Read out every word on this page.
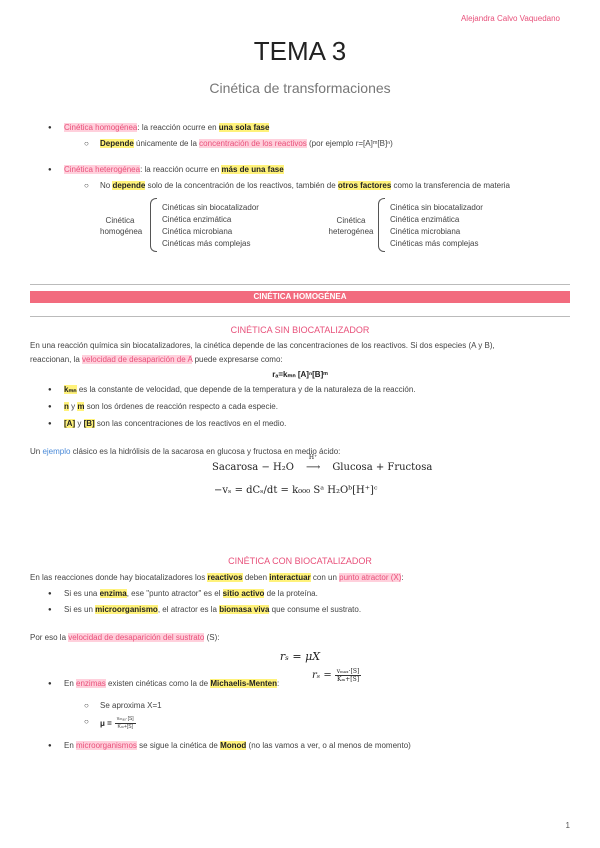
Alejandra Calvo Vaquedano
TEMA 3
Cinética de transformaciones
● Cinética homogénea: la reacción ocurre en una sola fase
○ Depende únicamente de la concentración de los reactivos (por ejemplo r=[A]ᵐ[B]ⁿ)
● Cinética heterogénea: la reacción ocurre en más de una fase
○ No depende solo de la concentración de los reactivos, también de otros factores como la transferencia de materia
Cinética homogénea
Cinéticas sin biocatalizador
Cinética enzimática
Cinética microbiana
Cinéticas más complejas
Cinética heterogénea
Cinética sin biocatalizador
Cinética enzimática
Cinética microbiana
Cinéticas más complejas
CINÉTICA HOMOGÉNEA
CINÉTICA SIN BIOCATALIZADOR
En una reacción química sin biocatalizadores, la cinética depende de las concentraciones de los reactivos. Si dos especies (A y B),
reaccionan, la velocidad de desaparición de A puede expresarse como:
rₐ=kₘₙ [A]ⁿ[B]ᵐ
● kₘₙ es la constante de velocidad, que depende de la temperatura y de la naturaleza de la reacción.
● n y m son los órdenes de reacción respecto a cada especie.
● [A] y [B] son las concentraciones de los reactivos en el medio.
Un ejemplo clásico es la hidrólisis de la sacarosa en glucosa y fructosa en medio ácido:
Sacarosa − H₂O
H⁺
⟶ Glucosa + Fructosa
−vₛ = dCₛ/dt = k₀₀₀ Sᵃ H₂Oᵇ[H⁺]ᶜ
CINÉTICA CON BIOCATALIZADOR
En las reacciones donde hay biocatalizadores los reactivos deben interactuar con un punto atractor (X):
● Si es una enzima, ese "punto atractor" es el sitio activo de la proteína.
● Si es un microorganismo, el atractor es la biomasa viva que consume el sustrato.
Por eso la velocidad de desaparición del sustrato (S):
rₛ = μX
● En enzimas existen cinéticas como la de Michaelis-Menten:
rₛ = vₘₐₓ·[S]
Kₘ+[S]
○ Se aproxima X=1
○ μ =	vₘₐₓ·[S]
Kₘ+[S]
● En microorganismos se sigue la cinética de Monod (no las vamos a ver, o al menos de momento)
1
